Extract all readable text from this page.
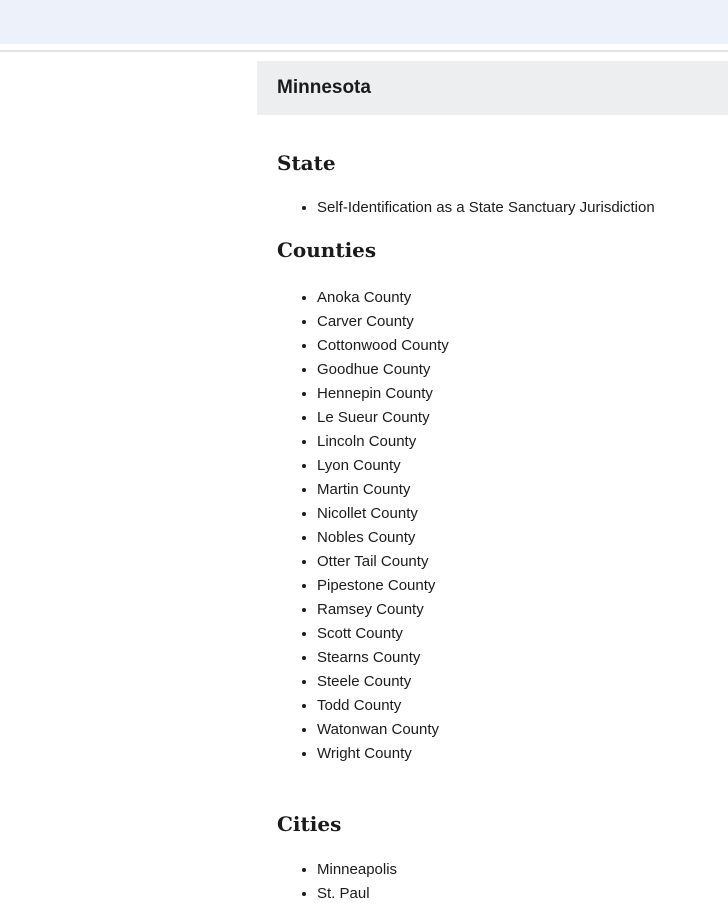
Minnesota
State
• Self-Identification as a State Sanctuary Jurisdiction
Counties
• Anoka County
• Carver County
• Cottonwood County
• Goodhue County
• Hennepin County
• Le Sueur County
• Lincoln County
• Lyon County
• Martin County
• Nicollet County
• Nobles County
• Otter Tail County
• Pipestone County
• Ramsey County
• Scott County
• Stearns County
• Steele County
• Todd County
• Watonwan County
• Wright County
Cities
• Minneapolis
• St. Paul
